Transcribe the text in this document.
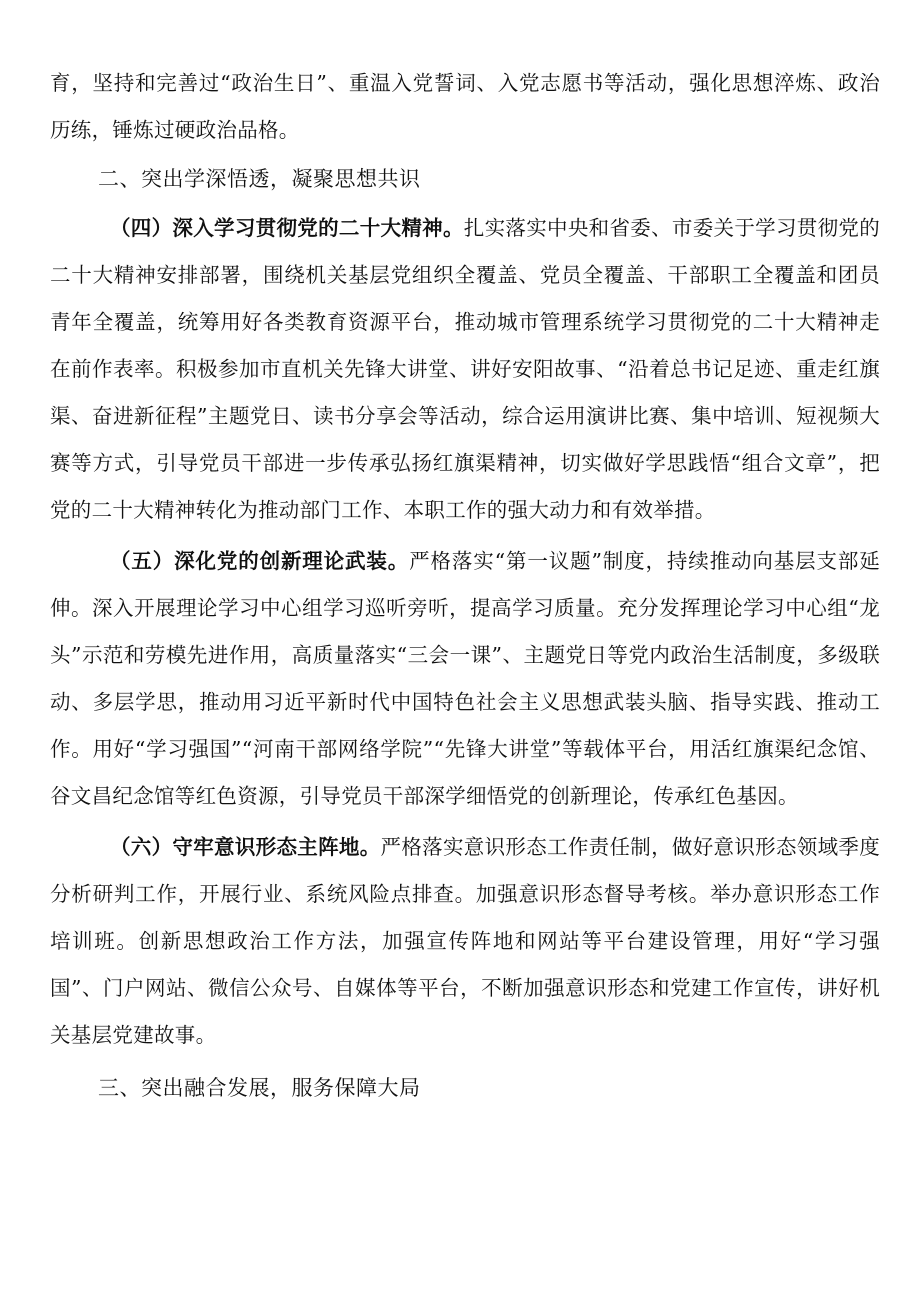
育，坚持和完善过“政治生日”、重温入党誓词、入党志愿书等活动，强化思想淬炼、政治历练，锤炼过硬政治品格。

二、突出学深悟透，凝聚思想共识

（四）深入学习贯彻党的二十大精神。扎实落实中央和省委、市委关于学习贯彻党的二十大精神安排部署，围绕机关基层党组织全覆盖、党员全覆盖、干部职工全覆盖和团员青年全覆盖，统筹用好各类教育资源平台，推动城市管理系统学习贯彻党的二十大精神走在前作表率。积极参加市直机关先锋大讲堂、讲好安阳故事、“沿着总书记足迹、重走红旗渠、奋进新征程”主题党日、读书分享会等活动，综合运用演讲比赛、集中培训、短视频大赛等方式，引导党员干部进一步传承弘扬红旗渠精神，切实做好学思践悟“组合文章”，把党的二十大精神转化为推动部门工作、本职工作的强大动力和有效举措。

（五）深化党的创新理论武装。严格落实“第一议题”制度，持续推动向基层支部延伸。深入开展理论学习中心组学习巡听旁听，提高学习质量。充分发挥理论学习中心组“龙头”示范和劳模先进作用，高质量落实“三会一课”、主题党日等党内政治生活制度，多级联动、多层学思，推动用习近平新时代中国特色社会主义思想武装头脑、指导实践、推动工作。用好“学习强国”“河南干部网络学院”“先锋大讲堂”等载体平台，用活红旗渠纪念馆、谷文昌纪念馆等红色资源，引导党员干部深学细悟党的创新理论，传承红色基因。

（六）守牢意识形态主阵地。严格落实意识形态工作责任制，做好意识形态领域季度分析研判工作，开展行业、系统风险点排查。加强意识形态督导考核。举办意识形态工作培训班。创新思想政治工作方法，加强宣传阵地和网站等平台建设管理，用好“学习强国”、门户网站、微信公众号、自媒体等平台，不断加强意识形态和党建工作宣传，讲好机关基层党建故事。

三、突出融合发展，服务保障大局
